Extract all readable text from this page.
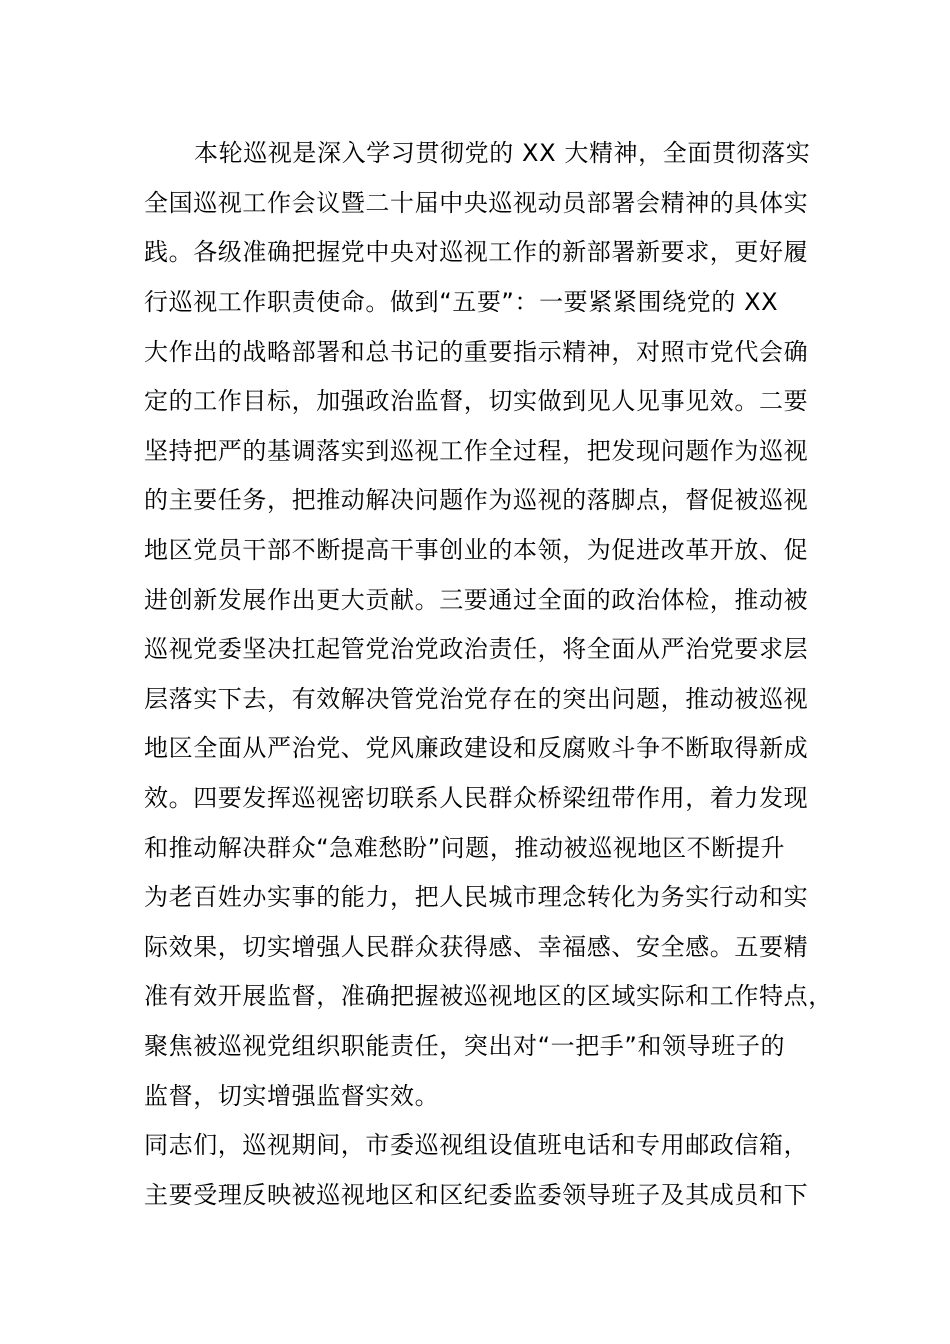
本轮巡视是深入学习贯彻党的 XX 大精神，全面贯彻落实
全国巡视工作会议暨二十届中央巡视动员部署会精神的具体实
践。各级准确把握党中央对巡视工作的新部署新要求，更好履
行巡视工作职责使命。做到“五要”：一要紧紧围绕党的 XX
大作出的战略部署和总书记的重要指示精神，对照市党代会确
定的工作目标，加强政治监督，切实做到见人见事见效。二要
坚持把严的基调落实到巡视工作全过程，把发现问题作为巡视
的主要任务，把推动解决问题作为巡视的落脚点，督促被巡视
地区党员干部不断提高干事创业的本领，为促进改革开放、促
进创新发展作出更大贡献。三要通过全面的政治体检，推动被
巡视党委坚决扛起管党治党政治责任，将全面从严治党要求层
层落实下去，有效解决管党治党存在的突出问题，推动被巡视
地区全面从严治党、党风廉政建设和反腐败斗争不断取得新成
效。四要发挥巡视密切联系人民群众桥梁纽带作用，着力发现
和推动解决群众“急难愁盼”问题，推动被巡视地区不断提升
为老百姓办实事的能力，把人民城市理念转化为务实行动和实
际效果，切实增强人民群众获得感、幸福感、安全感。五要精
准有效开展监督，准确把握被巡视地区的区域实际和工作特点，
聚焦被巡视党组织职能责任，突出对“一把手”和领导班子的
监督，切实增强监督实效。
同志们，巡视期间，市委巡视组设值班电话和专用邮政信箱，
主要受理反映被巡视地区和区纪委监委领导班子及其成员和下
